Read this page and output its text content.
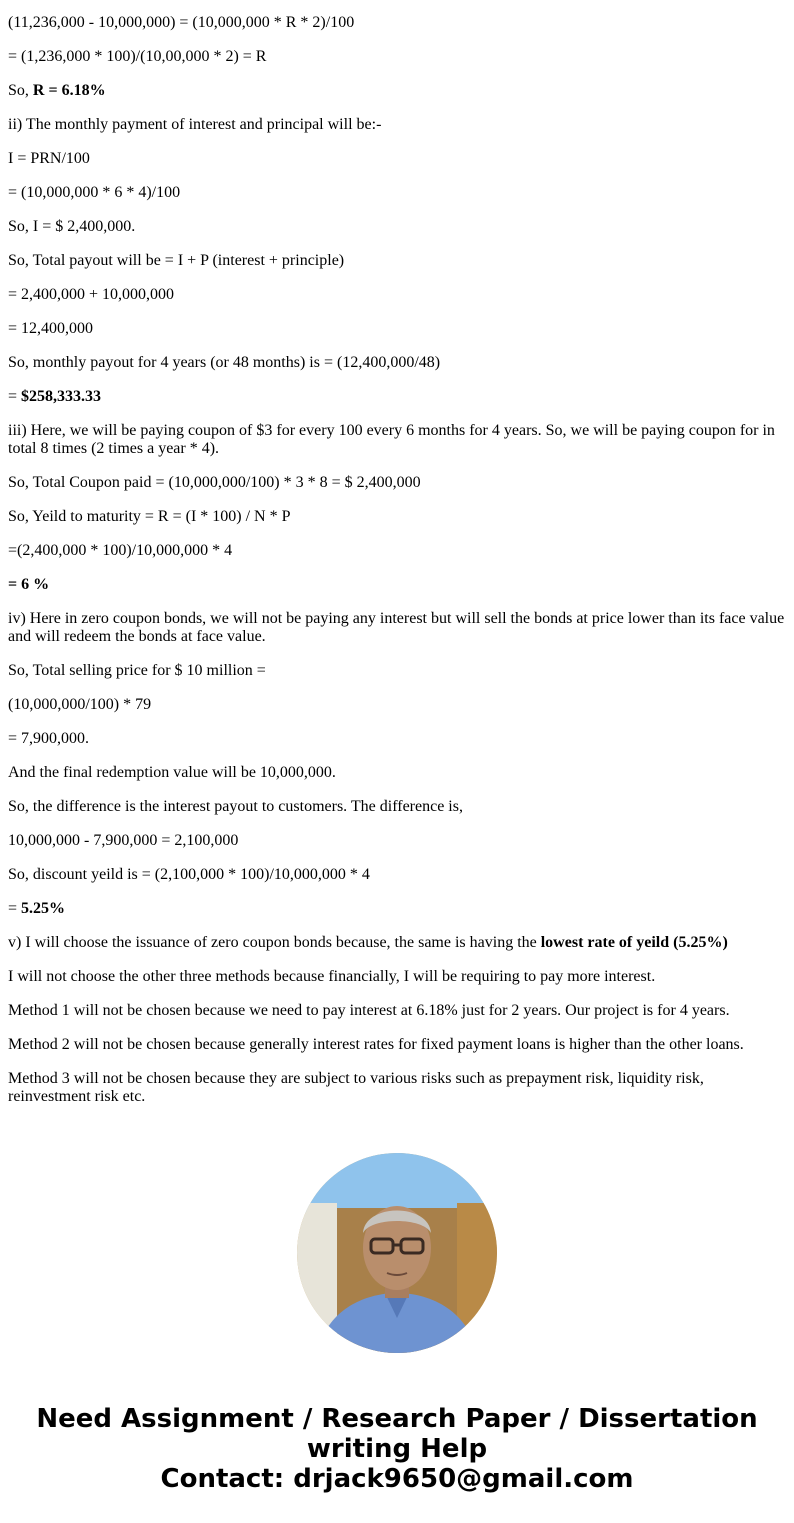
(11,236,000 - 10,000,000) = (10,000,000 * R * 2)/100

= (1,236,000 * 100)/(10,00,000 * 2) = R

So, R = 6.18%

ii) The monthly payment of interest and principal will be:-

I = PRN/100

= (10,000,000 * 6 * 4)/100

So, I = $ 2,400,000.

So, Total payout will be = I + P (interest + principle)

= 2,400,000 + 10,000,000

= 12,400,000

So, monthly payout for 4 years (or 48 months) is = (12,400,000/48)

= $258,333.33

iii) Here, we will be paying coupon of $3 for every 100 every 6 months for 4 years. So, we will be paying coupon for in total 8 times (2 times a year * 4).

So, Total Coupon paid = (10,000,000/100) * 3 * 8 = $ 2,400,000

So, Yeild to maturity = R = (I * 100) / N * P

=(2,400,000 * 100)/10,000,000 * 4

= 6 %

iv) Here in zero coupon bonds, we will not be paying any interest but will sell the bonds at price lower than its face value and will redeem the bonds at face value.

So, Total selling price for $ 10 million =

(10,000,000/100) * 79

= 7,900,000.

And the final redemption value will be 10,000,000.

So, the difference is the interest payout to customers. The difference is,

10,000,000 - 7,900,000 = 2,100,000

So, discount yeild is = (2,100,000 * 100)/10,000,000 * 4

= 5.25%

v) I will choose the issuance of zero coupon bonds because, the same is having the lowest rate of yeild (5.25%)

I will not choose the other three methods because financially, I will be requiring to pay more interest.

Method 1 will not be chosen because we need to pay interest at 6.18% just for 2 years. Our project is for 4 years.

Method 2 will not be chosen because generally interest rates for fixed payment loans is higher than the other loans.

Method 3 will not be chosen because they are subject to various risks such as prepayment risk, liquidity risk, reinvestment risk etc.

Need Assignment / Research Paper / Dissertation
writing Help
Contact: drjack9650@gmail.com
